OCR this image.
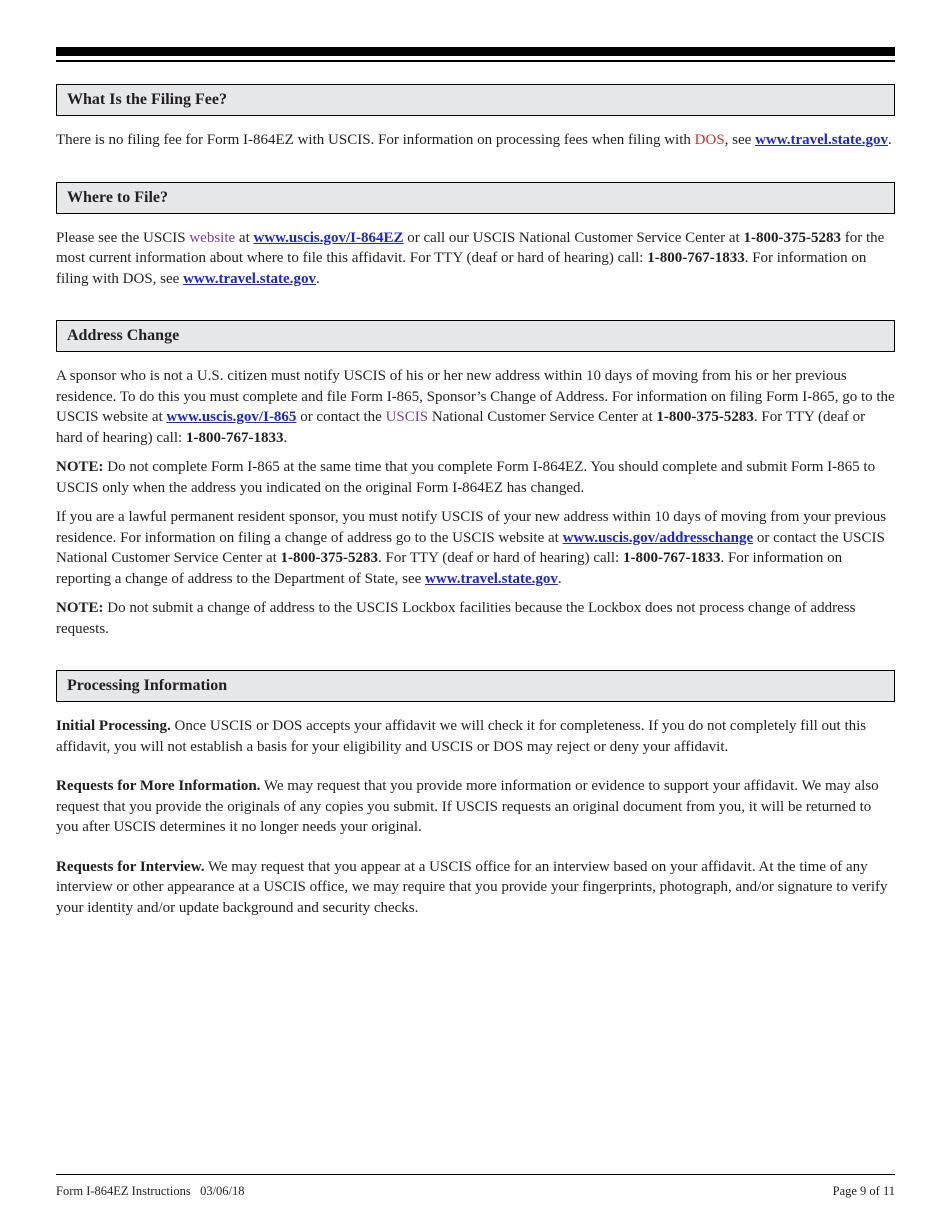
What Is the Filing Fee?

There is no filing fee for Form I-864EZ with USCIS. For information on processing fees when filing with DOS, see www.travel.state.gov.

Where to File?

Please see the USCIS website at www.uscis.gov/I-864EZ or call our USCIS National Customer Service Center at 1-800-375-5283 for the most current information about where to file this affidavit. For TTY (deaf or hard of hearing) call: 1-800-767-1833. For information on filing with DOS, see www.travel.state.gov.

Address Change

A sponsor who is not a U.S. citizen must notify USCIS of his or her new address within 10 days of moving from his or her previous residence. To do this you must complete and file Form I-865, Sponsor’s Change of Address. For information on filing Form I-865, go to the USCIS website at www.uscis.gov/I-865 or contact the USCIS National Customer Service Center at 1-800-375-5283. For TTY (deaf or hard of hearing) call: 1-800-767-1833.

NOTE: Do not complete Form I-865 at the same time that you complete Form I-864EZ. You should complete and submit Form I-865 to USCIS only when the address you indicated on the original Form I-864EZ has changed.

If you are a lawful permanent resident sponsor, you must notify USCIS of your new address within 10 days of moving from your previous residence. For information on filing a change of address go to the USCIS website at www.uscis.gov/addresschange or contact the USCIS National Customer Service Center at 1-800-375-5283. For TTY (deaf or hard of hearing) call: 1-800-767-1833. For information on reporting a change of address to the Department of State, see www.travel.state.gov.

NOTE: Do not submit a change of address to the USCIS Lockbox facilities because the Lockbox does not process change of address requests.

Processing Information

Initial Processing. Once USCIS or DOS accepts your affidavit we will check it for completeness. If you do not completely fill out this affidavit, you will not establish a basis for your eligibility and USCIS or DOS may reject or deny your affidavit.

Requests for More Information. We may request that you provide more information or evidence to support your affidavit. We may also request that you provide the originals of any copies you submit. If USCIS requests an original document from you, it will be returned to you after USCIS determines it no longer needs your original.

Requests for Interview. We may request that you appear at a USCIS office for an interview based on your affidavit. At the time of any interview or other appearance at a USCIS office, we may require that you provide your fingerprints, photograph, and/or signature to verify your identity and/or update background and security checks.

Form I-864EZ Instructions   03/06/18	Page 9 of 11
